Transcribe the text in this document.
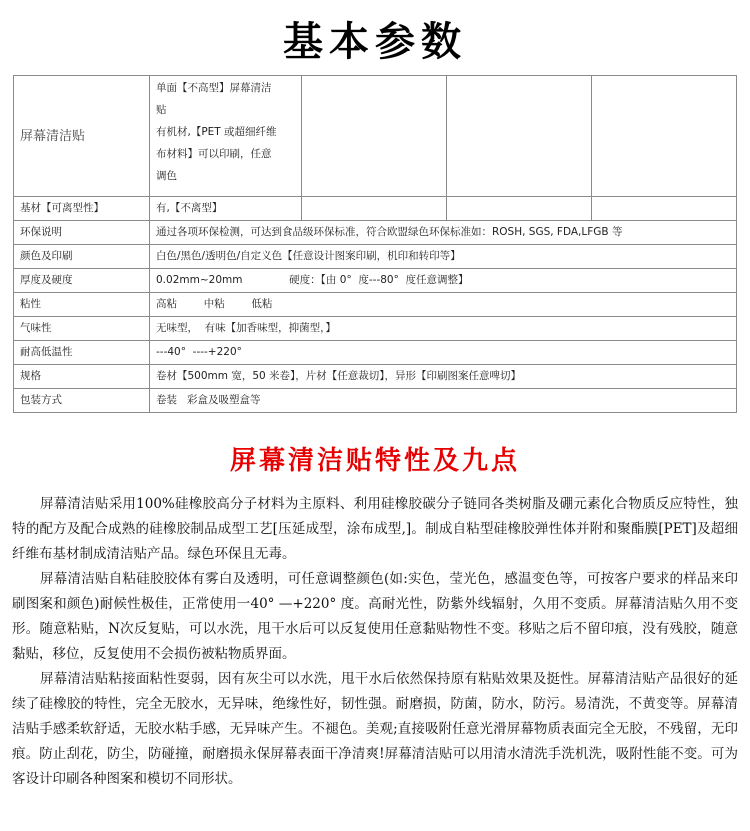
基本参数
屏幕清洁贴	单面【不高型】屏幕清洁
贴
有机材,【PET 或超细纤维
布材料】可以印刷，任意
调色			

基材【可离型性】	有,【不离型】			
环保说明	通过各项环保检测，可达到食品级环保标准，符合欧盟绿色环保标准如：ROSH, SGS, FDA,LFGB 等			
颜色及印刷	白色/黑色/透明色/自定义色【任意设计图案印刷，机印和转印等】			
厚度及硬度	0.02mm~20mm              硬度：【由 0°  度---80°  度任意调整】			
粘性	高粘        中粘        低粘			
气味性	无味型，  有味【加香味型，抑菌型，】			
耐高低温性	---40°  ----+220°			
规格	卷材【500mm 宽，50 米卷】，片材【任意裁切】，异形【印刷图案任意啤切】			
包装方式	卷装   彩盒及吸塑盒等			
屏幕清洁贴特性及九点

屏幕清洁贴采用100%硅橡胶高分子材料为主原料、利用硅橡胶碳分子链同各类树脂及硼元素化合物质反应特性，独特的配方及配合成熟的硅橡胶制品成型工艺[压延成型，涂布成型,]。制成自粘型硅橡胶弹性体并附和聚酯膜[PET]及超细纤维布基材制成清洁贴产品。绿色环保且无毒。

屏幕清洁贴自粘硅胶胶体有雾白及透明，可任意调整颜色(如:实色，莹光色，感温变色等，可按客户要求的样品来印刷图案和颜色)耐候性极佳，正常使用一40° —+220° 度。高耐光性，防紫外线辐射，久用不变质。屏幕清洁贴久用不变形。随意粘贴，N次反复贴，可以水洗，甩干水后可以反复使用任意黏贴物性不变。移贴之后不留印痕，没有残胶，随意黏贴，移位，反复使用不会损伤被粘物质界面。

屏幕清洁贴粘接面粘性耍弱，因有灰尘可以水洗，甩干水后依然保持原有粘贴效果及挺性。屏幕清洁贴产品很好的延续了硅橡胶的特性，完全无胶水，无异味，绝缘性好，韧性强。耐磨损，防菌，防水，防污。易清洗，不黄变等。屏幕清洁贴手感柔软舒适，无胶水粘手感，无异味产生。不褪色。美观;直接吸附任意光滑屏幕物质表面完全无胶，不残留，无印痕。防止刮花，防尘，防碰撞，耐磨损永保屏幕表面干净清爽!屏幕清洁贴可以用清水清洗手洗机洗，吸附性能不变。可为客设计印刷各种图案和模切不同形状。
